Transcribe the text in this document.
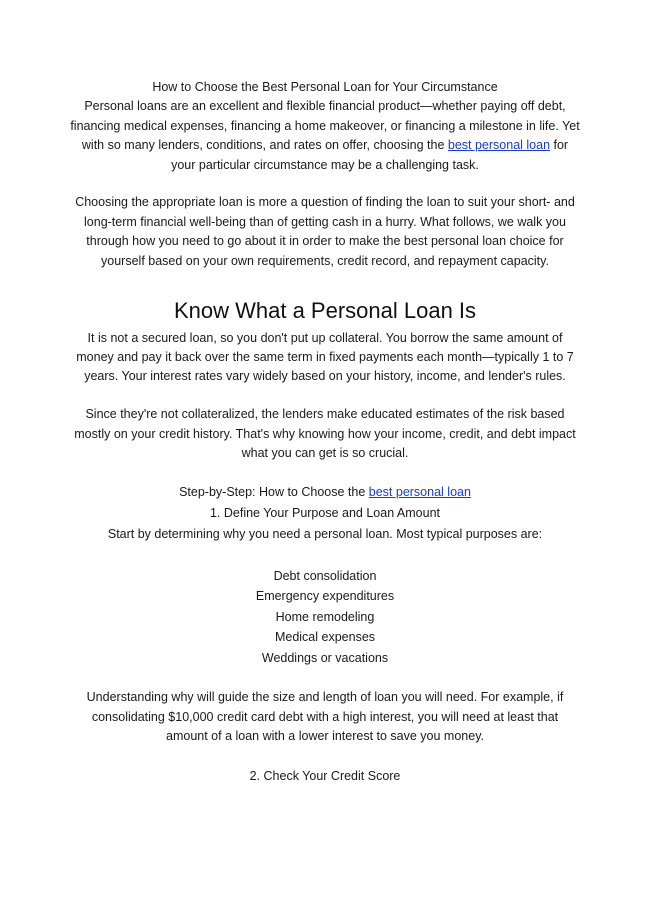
How to Choose the Best Personal Loan for Your Circumstance

Personal loans are an excellent and flexible financial product—whether paying off debt, financing medical expenses, financing a home makeover, or financing a milestone in life. Yet with so many lenders, conditions, and rates on offer, choosing the best personal loan for your particular circumstance may be a challenging task.

Choosing the appropriate loan is more a question of finding the loan to suit your short- and long-term financial well-being than of getting cash in a hurry. What follows, we walk you through how you need to go about it in order to make the best personal loan choice for yourself based on your own requirements, credit record, and repayment capacity.

Know What a Personal Loan Is

It is not a secured loan, so you don't put up collateral. You borrow the same amount of money and pay it back over the same term in fixed payments each month—typically 1 to 7 years. Your interest rates vary widely based on your history, income, and lender's rules.

Since they're not collateralized, the lenders make educated estimates of the risk based mostly on your credit history. That's why knowing how your income, credit, and debt impact what you can get is so crucial.

Step-by-Step: How to Choose the best personal loan

1. Define Your Purpose and Loan Amount

Start by determining why you need a personal loan. Most typical purposes are:

Debt consolidation
Emergency expenditures
Home remodeling
Medical expenses
Weddings or vacations

Understanding why will guide the size and length of loan you will need. For example, if consolidating $10,000 credit card debt with a high interest, you will need at least that amount of a loan with a lower interest to save you money.

2. Check Your Credit Score
